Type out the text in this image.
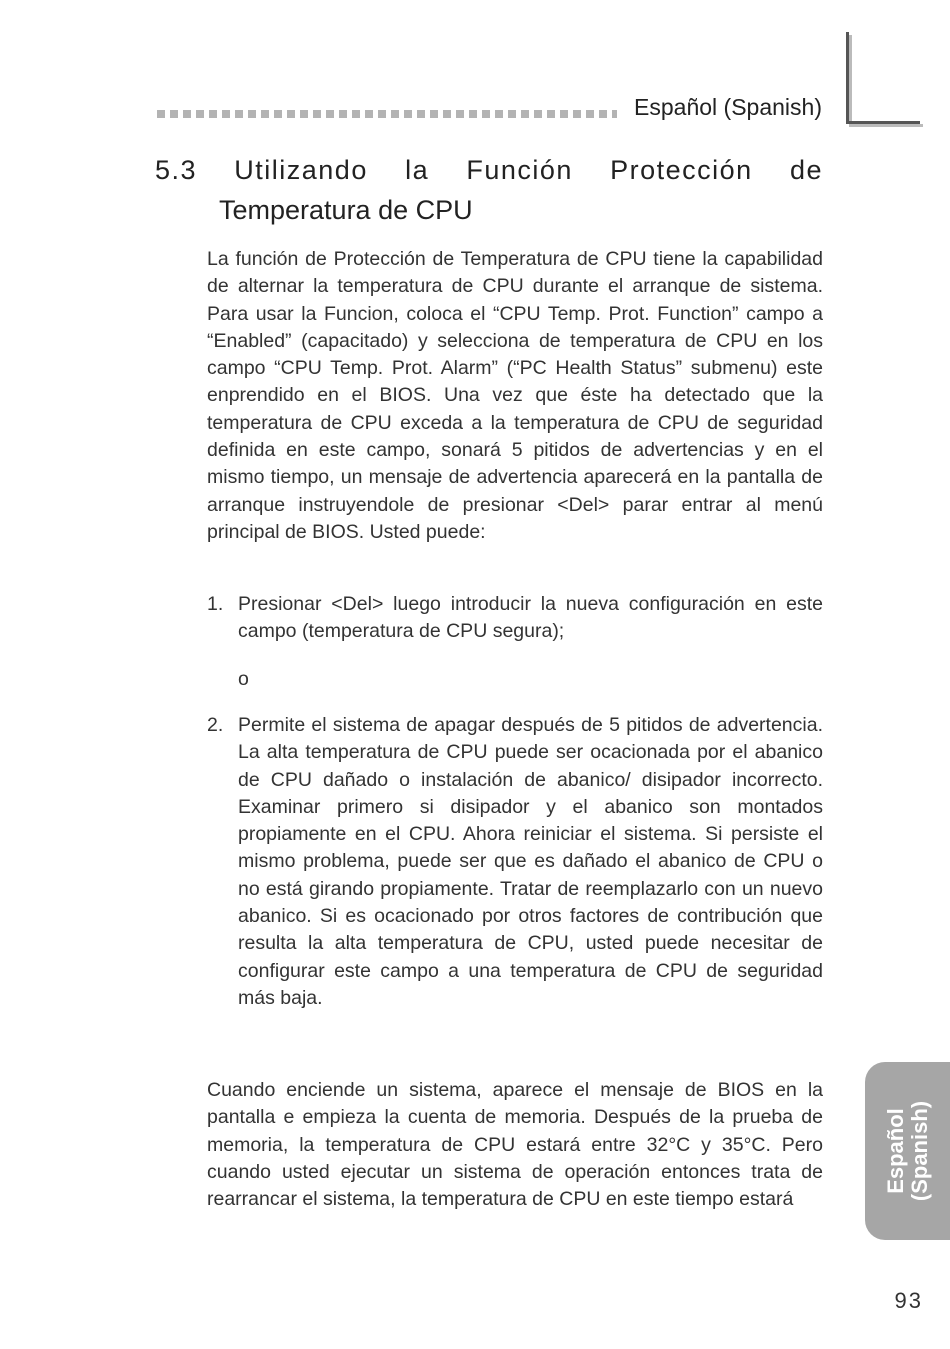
Español (Spanish)
5.3 Utilizando la Función Protección de
Temperatura de CPU
La función de Protección de Temperatura de CPU tiene la capabilidad de alternar la temperatura de CPU durante el arranque de sistema. Para usar la Funcion, coloca el “CPU Temp. Prot. Function” campo a “Enabled” (capacitado) y selecciona de temperatura de CPU en los campo “CPU Temp. Prot. Alarm” (“PC Health Status” submenu) este enprendido en el BIOS. Una vez que éste ha detectado que la temperatura de CPU exceda a la temperatura de CPU de seguridad definida en este campo, sonará 5 pitidos de advertencias y en el mismo tiempo, un mensaje de advertencia aparecerá en la pantalla de arranque instruyendole de presionar <Del> parar entrar al menú principal de BIOS. Usted puede:
1. Presionar <Del> luego introducir la nueva configuración en este campo (temperatura de CPU segura);
o
2. Permite el sistema de apagar después de 5 pitidos de advertencia. La alta temperatura de CPU puede ser ocacionada por el abanico de CPU dañado o instalación de abanico/ disipador incorrecto. Examinar primero si disipador y el abanico son montados propiamente en el CPU. Ahora reiniciar el sistema. Si persiste el mismo problema, puede ser que es dañado el abanico de CPU o no está girando propiamente. Tratar de reemplazarlo con un nuevo abanico. Si es ocacionado por otros factores de contribución que resulta la alta temperatura de CPU, usted puede necesitar de configurar este campo a una temperatura de CPU de seguridad más baja.
Cuando enciende un sistema, aparece el mensaje de BIOS en la pantalla e empieza la cuenta de memoria. Después de la prueba de memoria, la temperatura de CPU estará entre 32°C y 35°C. Pero cuando usted ejecutar un sistema de operación entonces trata de rearrancar el sistema, la temperatura de CPU en este tiempo estará
Español (Spanish)
93
